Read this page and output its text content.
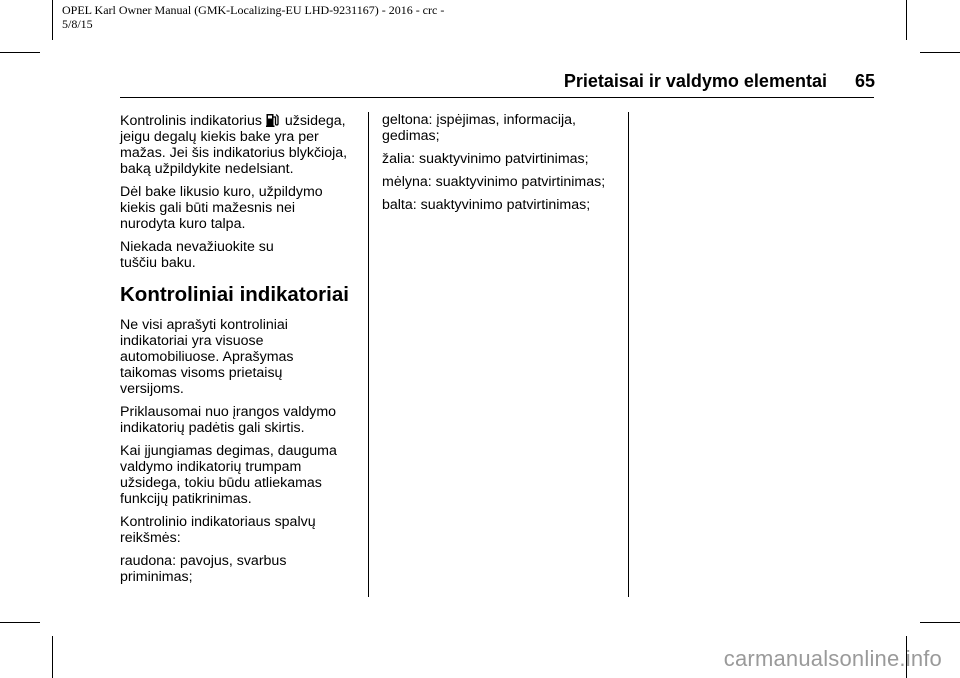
OPEL Karl Owner Manual (GMK-Localizing-EU LHD-9231167) - 2016 - crc -
5/8/15
Prietaisai ir valdymo elementai 65

Kontrolinis indikatorius  užsidega,
jeigu degalų kiekis bake yra per
mažas. Jei šis indikatorius blykčioja,
baką užpildykite nedelsiant.

Dėl bake likusio kuro, užpildymo
kiekis gali būti mažesnis nei
nurodyta kuro talpa.

Niekada nevažiuokite su
tuščiu baku.

Kontroliniai indikatoriai

Ne visi aprašyti kontroliniai
indikatoriai yra visuose
automobiliuose. Aprašymas
taikomas visoms prietaisų
versijoms.

Priklausomai nuo įrangos valdymo
indikatorių padėtis gali skirtis.

Kai įjungiamas degimas, dauguma
valdymo indikatorių trumpam
užsidega, tokiu būdu atliekamas
funkcijų patikrinimas.

Kontrolinio indikatoriaus spalvų
reikšmės:

raudona: pavojus, svarbus
priminimas;

geltona: įspėjimas, informacija,
gedimas;

žalia: suaktyvinimo patvirtinimas;

mėlyna: suaktyvinimo patvirtinimas;

balta: suaktyvinimo patvirtinimas;

carmanualsonline.info
